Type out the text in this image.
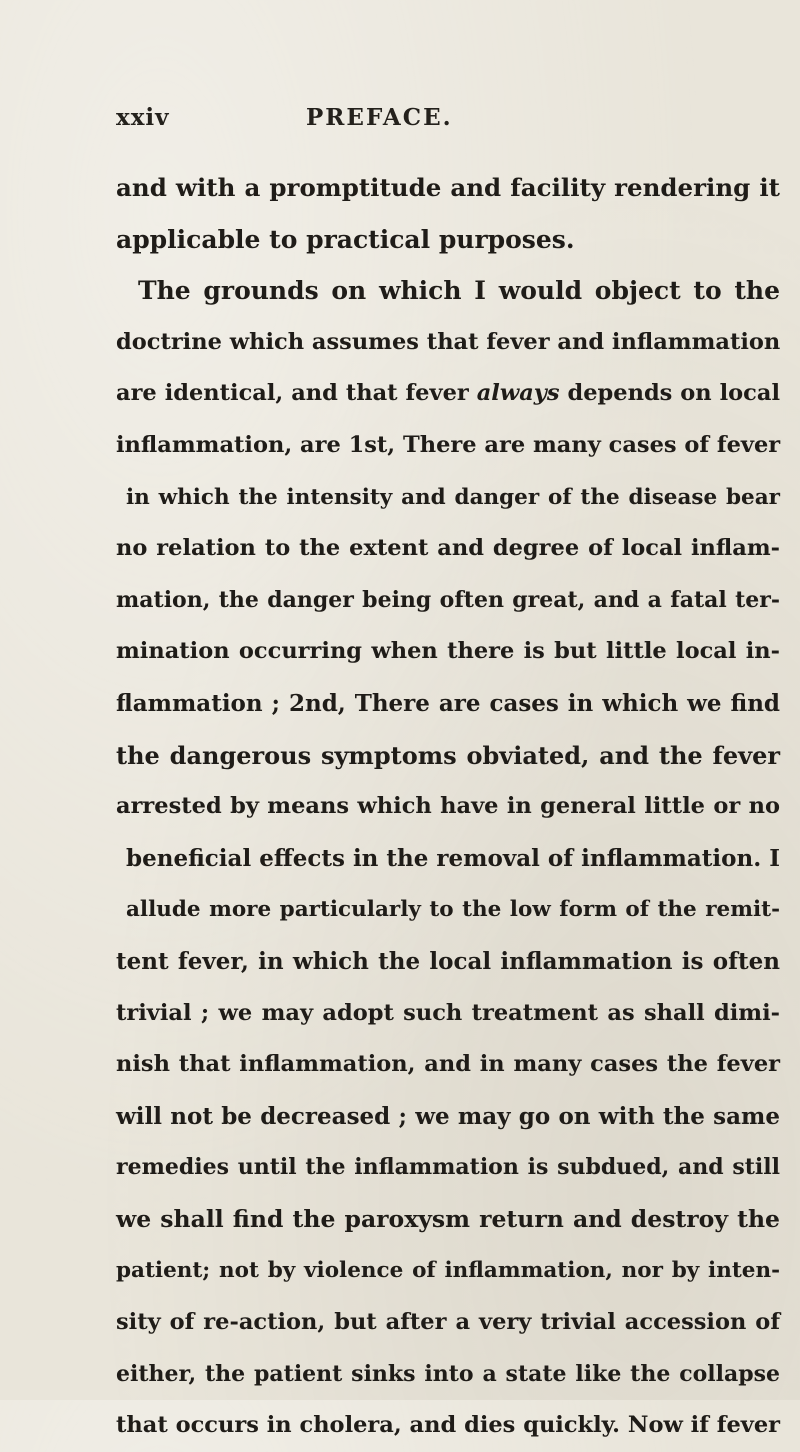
xxiv	PREFACE.
and with a promptitude and facility rendering it
applicable to practical purposes.
The grounds on which I would object to the
doctrine which assumes that fever and inflammation
are identical, and that fever always depends on local
inflammation, are 1st, There are many cases of fever
in which the intensity and danger of the disease bear
no relation to the extent and degree of local inflam-
mation, the danger being often great, and a fatal ter-
mination occurring when there is but little local in-
flammation ; 2nd, There are cases in which we find
the dangerous symptoms obviated, and the fever
arrested by means which have in general little or no
beneficial effects in the removal of inflammation. I
allude more particularly to the low form of the remit-
tent fever, in which the local inflammation is often
trivial ; we may adopt such treatment as shall dimi-
nish that inflammation, and in many cases the fever
will not be decreased ; we may go on with the same
remedies until the inflammation is subdued, and still
we shall find the paroxysm return and destroy the
patient; not by violence of inflammation, nor by inten-
sity of re-action, but after a very trivial accession of
either, the patient sinks into a state like the collapse
that occurs in cholera, and dies quickly. Now if fever
